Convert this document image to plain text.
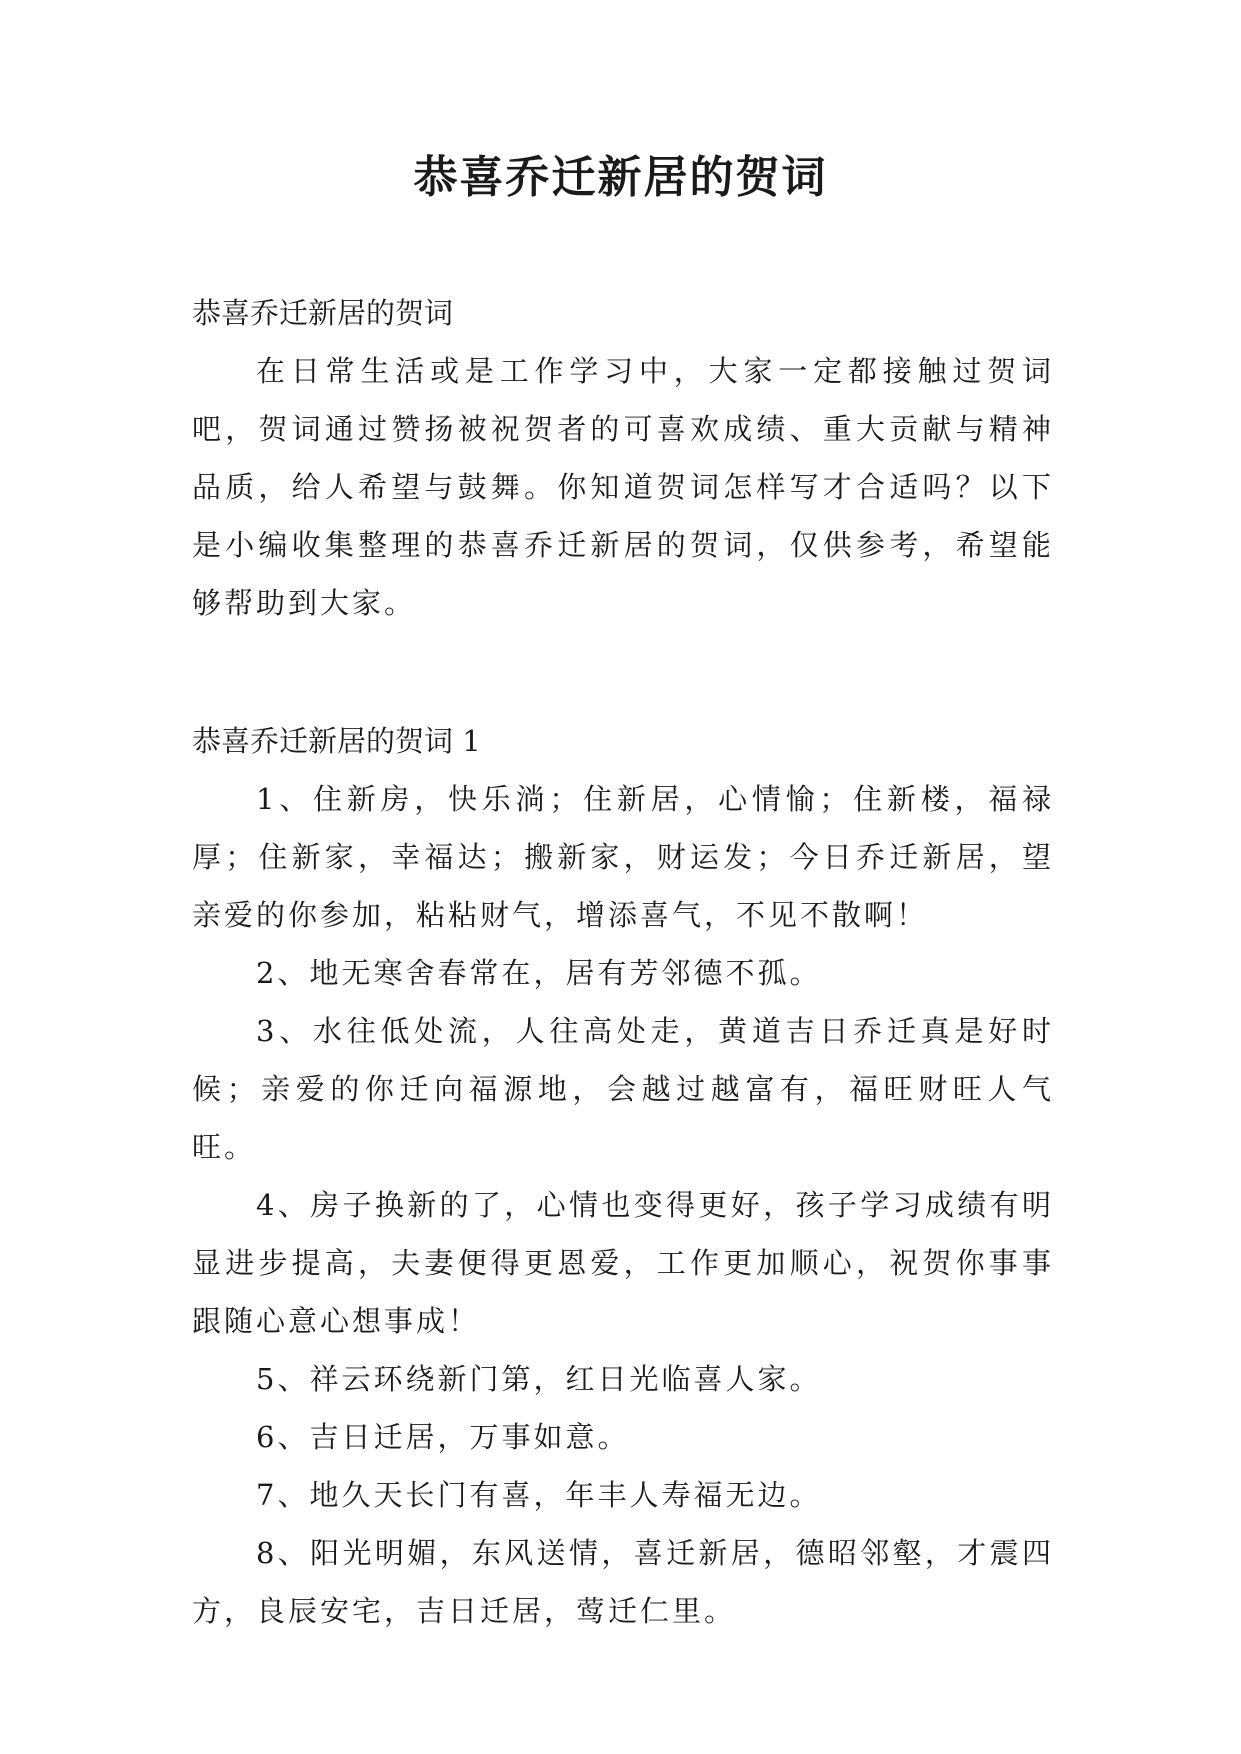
恭喜乔迁新居的贺词

恭喜乔迁新居的贺词

在日常生活或是工作学习中，大家一定都接触过贺词吧，贺词通过赞扬被祝贺者的可喜欢成绩、重大贡献与精神品质，给人希望与鼓舞。你知道贺词怎样写才合适吗？以下是小编收集整理的恭喜乔迁新居的贺词，仅供参考，希望能够帮助到大家。

恭喜乔迁新居的贺词 1

1、住新房，快乐淌；住新居，心情愉；住新楼，福禄厚；住新家，幸福达；搬新家，财运发；今日乔迁新居，望亲爱的你参加，粘粘财气，增添喜气，不见不散啊！

2、地无寒舍春常在，居有芳邻德不孤。

3、水往低处流，人往高处走，黄道吉日乔迁真是好时候；亲爱的你迁向福源地，会越过越富有，福旺财旺人气旺。

4、房子换新的了，心情也变得更好，孩子学习成绩有明显进步提高，夫妻便得更恩爱，工作更加顺心，祝贺你事事跟随心意心想事成！

5、祥云环绕新门第，红日光临喜人家。

6、吉日迁居，万事如意。

7、地久天长门有喜，年丰人寿福无边。

8、阳光明媚，东风送情，喜迁新居，德昭邻壑，才震四方，良辰安宅，吉日迁居，莺迁仁里。
